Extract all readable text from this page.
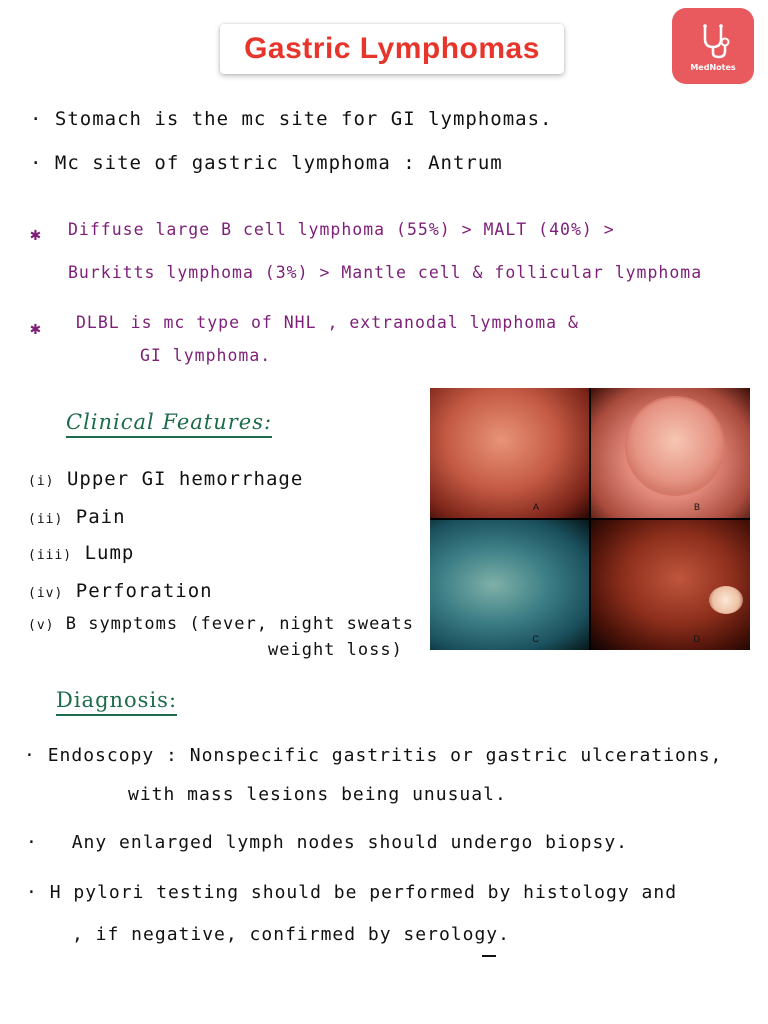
Gastric Lymphomas
MedNotes
· Stomach is the mc site for GI lymphomas.
· Mc site of gastric lymphoma : Antrum
✱ Diffuse large B cell lymphoma (55%) > MALT (40%) >
Burkitts lymphoma (3%) > Mantle cell & follicular lymphoma
✱ DLBL is mc type of NHL , extranodal lymphoma &
GI lymphoma.
Clinical Features:
(i) Upper GI hemorrhage
(ii) Pain
(iii) Lump
(iv) Perforation
(v) B symptoms (fever, night sweats
weight loss)
A	B
C	D
Diagnosis:
· Endoscopy : Nonspecific gastritis or gastric ulcerations,
with mass lesions being unusual.
· Any enlarged lymph nodes should undergo biopsy.
· H pylori testing should be performed by histology and
, if negative, confirmed by serology.
